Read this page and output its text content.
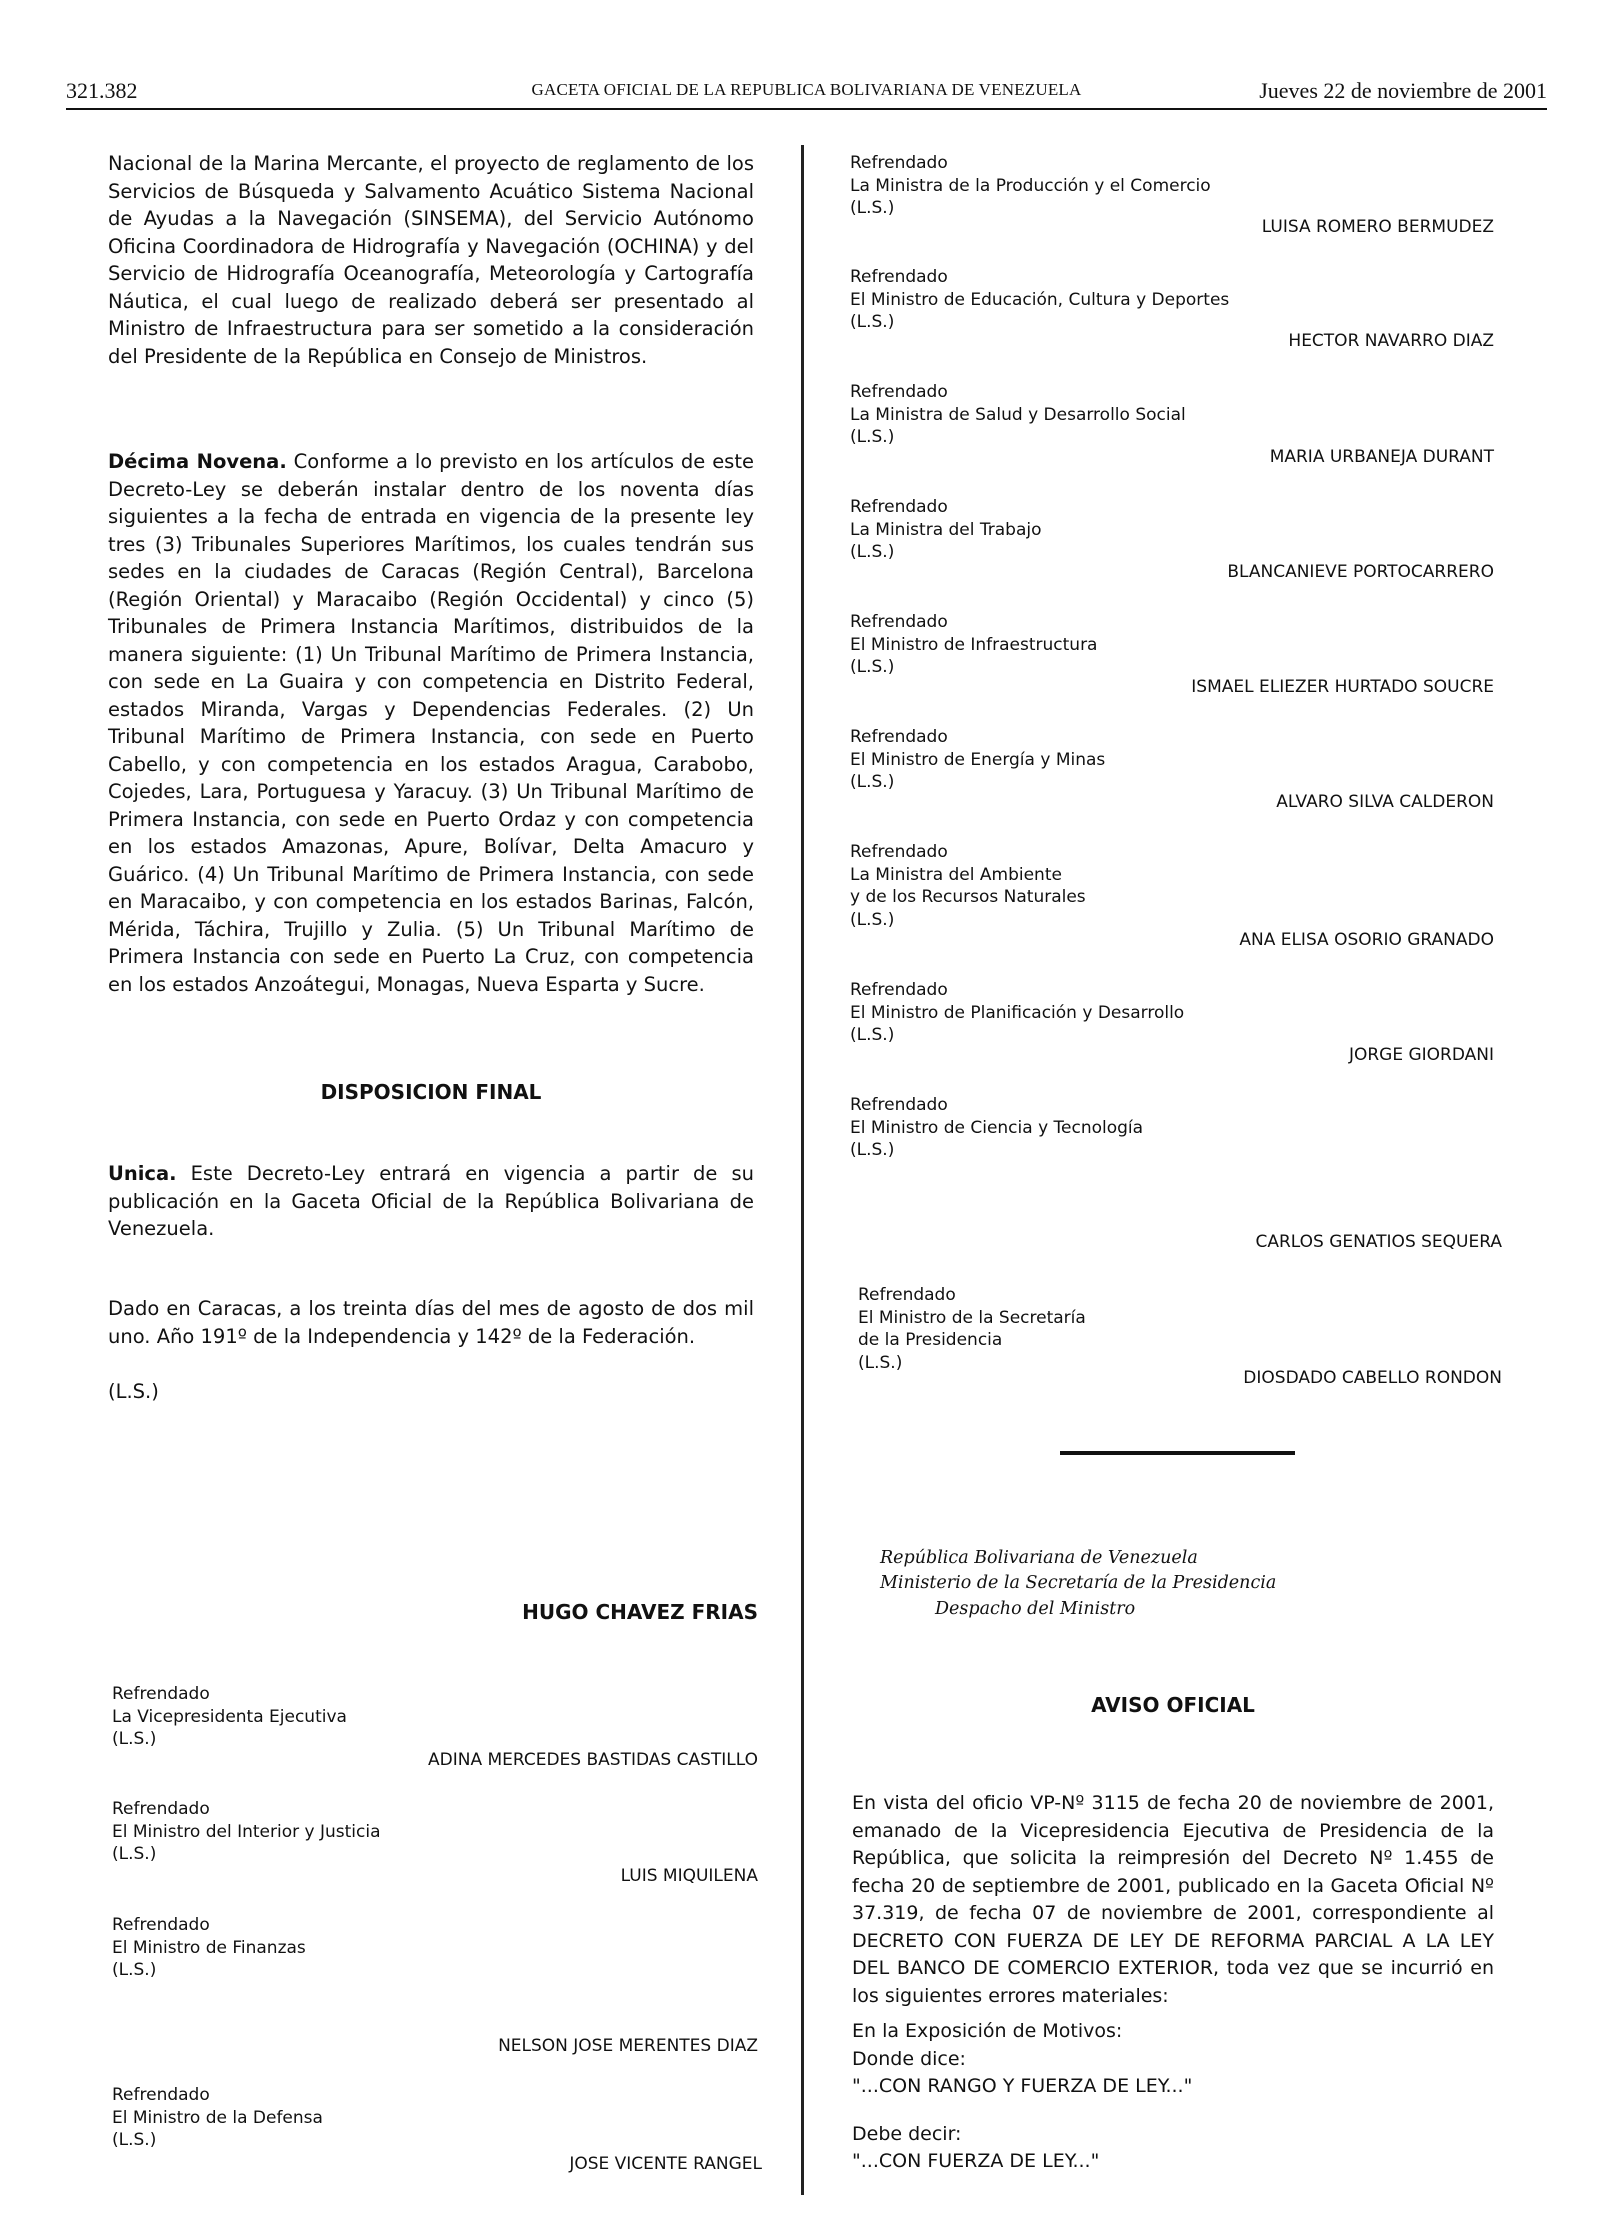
321.382	GACETA OFICIAL DE LA REPUBLICA BOLIVARIANA DE VENEZUELA	Jueves 22 de noviembre de 2001
Nacional de la Marina Mercante, el proyecto de reglamento de los Servicios de Búsqueda y Salvamento Acuático Sistema Nacional de Ayudas a la Navegación (SINSEMA), del Servicio Autónomo Oficina Coordinadora de Hidrografía y Navegación (OCHINA) y del Servicio de Hidrografía Oceanografía, Meteorología y Cartografía Náutica, el cual luego de realizado deberá ser presentado al Ministro de Infraestructura para ser sometido a la consideración del Presidente de la República en Consejo de Ministros.
Décima Novena. Conforme a lo previsto en los artículos de este Decreto-Ley se deberán instalar dentro de los noventa días siguientes a la fecha de entrada en vigencia de la presente ley tres (3) Tribunales Superiores Marítimos, los cuales tendrán sus sedes en la ciudades de Caracas (Región Central), Barcelona (Región Oriental) y Maracaibo (Región Occidental) y cinco (5) Tribunales de Primera Instancia Marítimos, distribuidos de la manera siguiente: (1) Un Tribunal Marítimo de Primera Instancia, con sede en La Guaira y con competencia en Distrito Federal, estados Miranda, Vargas y Dependencias Federales. (2) Un Tribunal Marítimo de Primera Instancia, con sede en Puerto Cabello, y con competencia en los estados Aragua, Carabobo, Cojedes, Lara, Portuguesa y Yaracuy. (3) Un Tribunal Marítimo de Primera Instancia, con sede en Puerto Ordaz y con competencia en los estados Amazonas, Apure, Bolívar, Delta Amacuro y Guárico. (4) Un Tribunal Marítimo de Primera Instancia, con sede en Maracaibo, y con competencia en los estados Barinas, Falcón, Mérida, Táchira, Trujillo y Zulia. (5) Un Tribunal Marítimo de Primera Instancia con sede en Puerto La Cruz, con competencia en los estados Anzoátegui, Monagas, Nueva Esparta y Sucre.
DISPOSICION FINAL
Unica. Este Decreto-Ley entrará en vigencia a partir de su publicación en la Gaceta Oficial de la República Bolivariana de Venezuela.
Dado en Caracas, a los treinta días del mes de agosto de dos mil uno. Año 191º de la Independencia y 142º de la Federación.
(L.S.)
HUGO CHAVEZ FRIAS
Refrendado
La Vicepresidenta Ejecutiva
(L.S.)
ADINA MERCEDES BASTIDAS CASTILLO
Refrendado
El Ministro del Interior y Justicia
(L.S.)
LUIS MIQUILENA
Refrendado
El Ministro de Finanzas
(L.S.)
NELSON JOSE MERENTES DIAZ
Refrendado
El Ministro de la Defensa
(L.S.)
JOSE VICENTE RANGEL
Refrendado
La Ministra de la Producción y el Comercio
(L.S.)
LUISA ROMERO BERMUDEZ
Refrendado
El Ministro de Educación, Cultura y Deportes
(L.S.)
HECTOR NAVARRO DIAZ
Refrendado
La Ministra de Salud y Desarrollo Social
(L.S.)
MARIA URBANEJA DURANT
Refrendado
La Ministra del Trabajo
(L.S.)
BLANCANIEVE PORTOCARRERO
Refrendado
El Ministro de Infraestructura
(L.S.)
ISMAEL ELIEZER HURTADO SOUCRE
Refrendado
El Ministro de Energía y Minas
(L.S.)
ALVARO SILVA CALDERON
Refrendado
La Ministra del Ambiente
y de los Recursos Naturales
(L.S.)
ANA ELISA OSORIO GRANADO
Refrendado
El Ministro de Planificación y Desarrollo
(L.S.)
JORGE GIORDANI
Refrendado
El Ministro de Ciencia y Tecnología
(L.S.)
CARLOS GENATIOS SEQUERA
Refrendado
El Ministro de la Secretaría
de la Presidencia
(L.S.)
DIOSDADO CABELLO RONDON
República Bolivariana de Venezuela
Ministerio de la Secretaría de la Presidencia
Despacho del Ministro
AVISO OFICIAL
En vista del oficio VP-Nº 3115 de fecha 20 de noviembre de 2001, emanado de la Vicepresidencia Ejecutiva de Presidencia de la República, que solicita la reimpresión del Decreto Nº 1.455 de fecha 20 de septiembre de 2001, publicado en la Gaceta Oficial Nº 37.319, de fecha 07 de noviembre de 2001, correspondiente al DECRETO CON FUERZA DE LEY DE REFORMA PARCIAL A LA LEY DEL BANCO DE COMERCIO EXTERIOR, toda vez que se incurrió en los siguientes errores materiales:
En la Exposición de Motivos:
Donde dice:
"...CON RANGO Y FUERZA DE LEY..."
Debe decir:
"...CON FUERZA DE LEY..."
